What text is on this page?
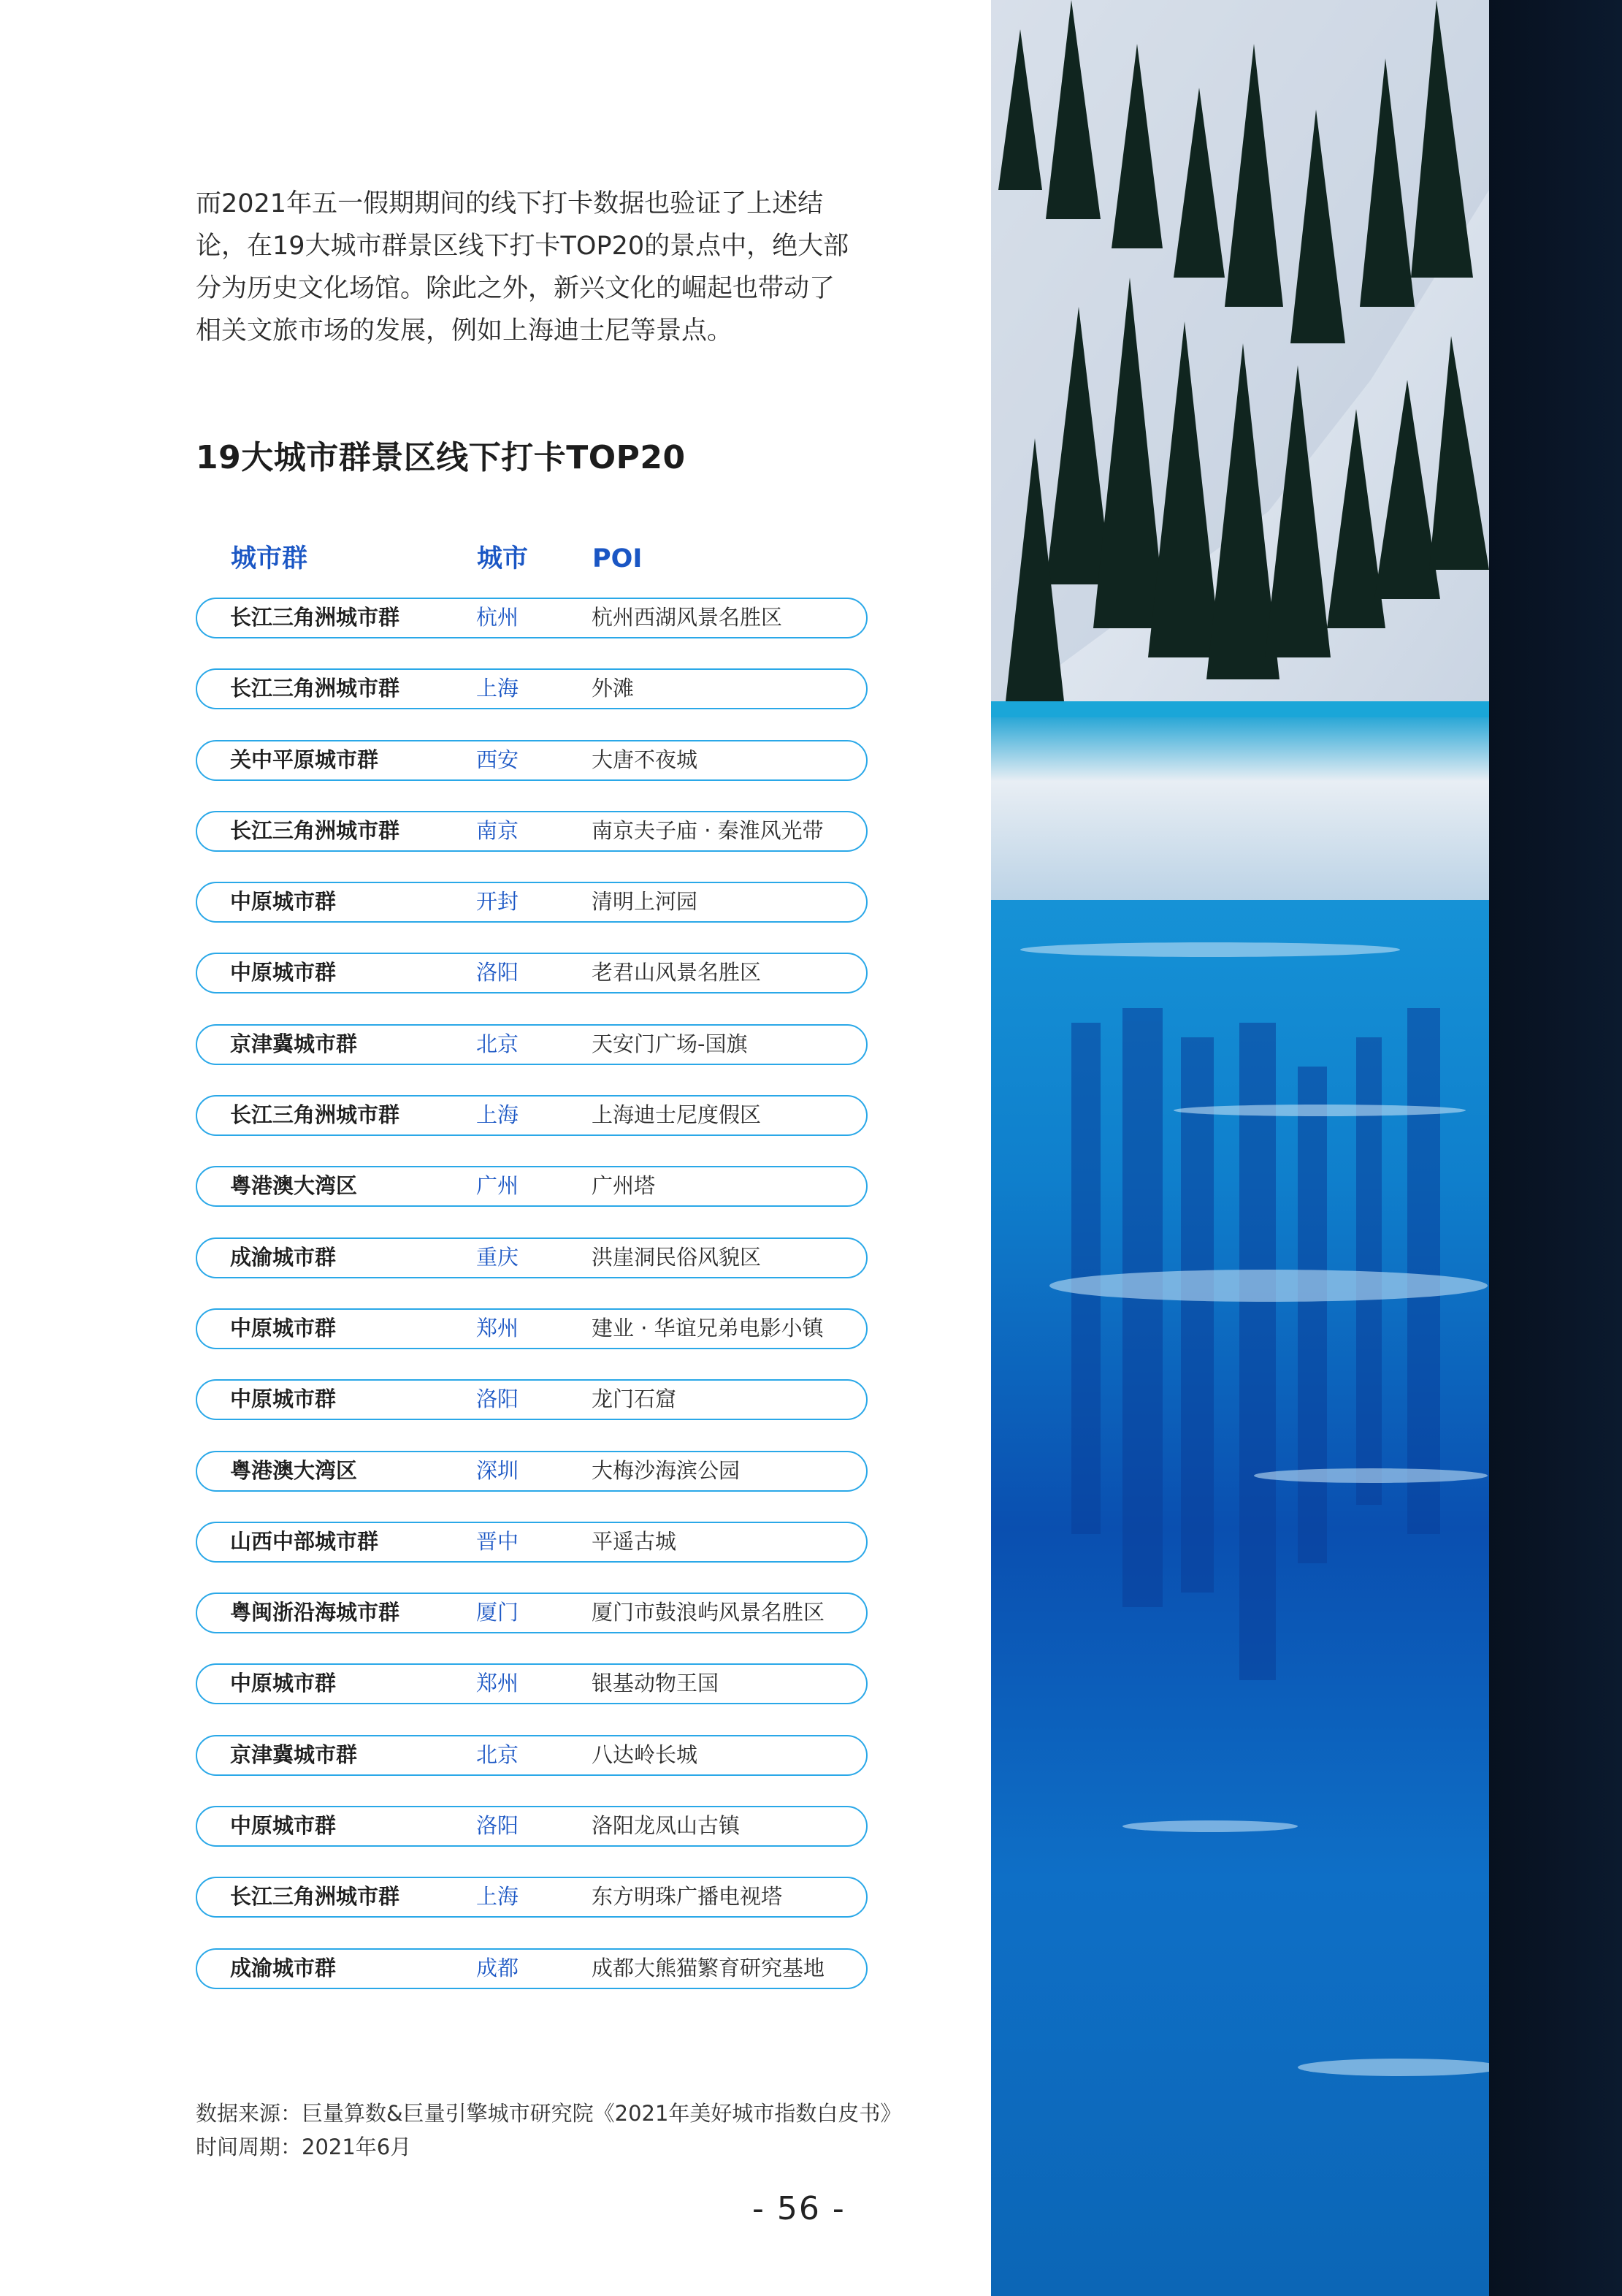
而2021年五一假期期间的线下打卡数据也验证了上述结论，在19大城市群景区线下打卡TOP20的景点中，绝大部分为历史文化场馆。除此之外，新兴文化的崛起也带动了相关文旅市场的发展，例如上海迪士尼等景点。

19大城市群景区线下打卡TOP20
城市群	城市	POI
长江三角洲城市群	杭州	杭州西湖风景名胜区
长江三角洲城市群	上海	外滩
关中平原城市群	西安	大唐不夜城
长江三角洲城市群	南京	南京夫子庙 · 秦淮风光带
中原城市群	开封	清明上河园
中原城市群	洛阳	老君山风景名胜区
京津冀城市群	北京	天安门广场-国旗
长江三角洲城市群	上海	上海迪士尼度假区
粤港澳大湾区	广州	广州塔
成渝城市群	重庆	洪崖洞民俗风貌区
中原城市群	郑州	建业 · 华谊兄弟电影小镇
中原城市群	洛阳	龙门石窟
粤港澳大湾区	深圳	大梅沙海滨公园
山西中部城市群	晋中	平遥古城
粤闽浙沿海城市群	厦门	厦门市鼓浪屿风景名胜区
中原城市群	郑州	银基动物王国
京津冀城市群	北京	八达岭长城
中原城市群	洛阳	洛阳龙凤山古镇
长江三角洲城市群	上海	东方明珠广播电视塔
成渝城市群	成都	成都大熊猫繁育研究基地
数据来源：巨量算数&巨量引擎城市研究院《2021年美好城市指数白皮书》
时间周期：2021年6月
- 56 -
